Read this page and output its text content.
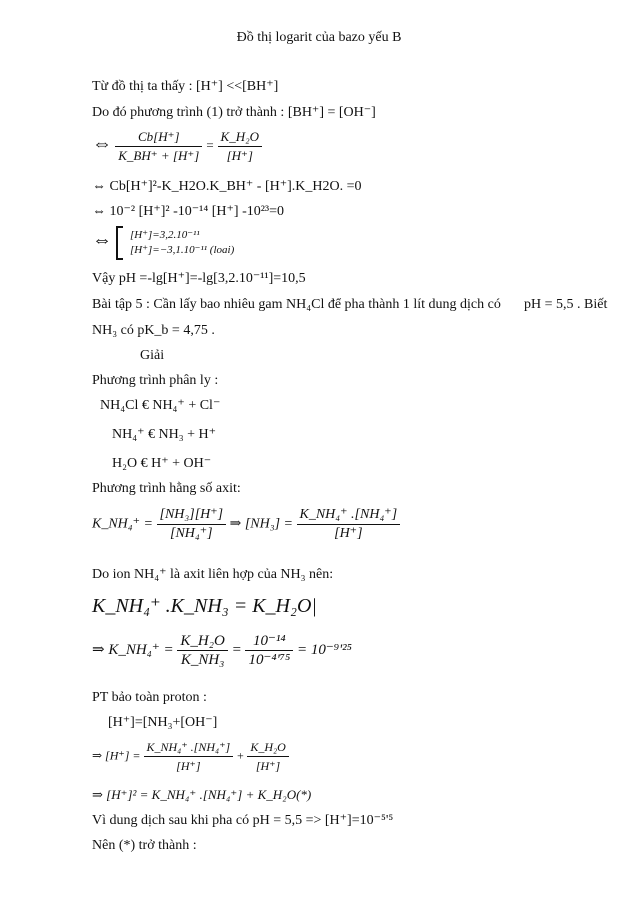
Đồ thị logarit của bazo yếu B
Từ đồ thị ta thấy : [H⁺] <<[BH⁺]
Do đó phương trình (1) trở thành : [BH⁺] = [OH⁻]
⇔ $\frac{Cb[H^+]}{K\_BH^+ + [H^+]} = \frac{\text{K\_H₂O}}{[H^+]}$
⇔ Cb[H⁺]²-K_H2O.K_BH⁺ - [H⁺].K_H2O. =0
⇔ 10⁻² [H⁺]² -10⁻¹⁴ [H⁺] -10²³=0
⇔ [H⁺]=3,2.10⁻¹¹
[H⁺]=−3,1.10⁻¹¹ (loai)
Vậy pH =-lg[H⁺]=-lg[3,2.10⁻¹¹]=10,5
Bài tập 5 : Cần lấy bao nhiêu gam NH₄Cl để pha thành 1 lít dung dịch có pH = 5,5 . Biết
NH₃ có pK_b = 4,75 .
Giải
Phương trình phân ly :
NH₄Cl € NH₄⁺ + Cl⁻
NH₄⁺ € NH₃ + H⁺
H₂O € H⁺ + OH⁻
Phương trình hằng số axit:
K_NH₄⁺ = $\frac{\text{[NH₃][H⁺]}}{\text{[NH₄⁺]}}$ ⇒ $[NH_3] = \frac{\text{K\_NH₄⁺ .[NH₄⁺]}}{[H^+]}$
Do ion NH₄⁺ là axit liên hợp của NH₃ nên:
K_NH₄⁺ .K_NH₃ = K_H₂O|
⇒ K_NH₄⁺ = $\frac{\text{K\_H₂O}}{\text{K\_NH₃}} = \frac{\text{10⁻¹⁴}}{\text{10⁻⁴'⁷⁵}} = 10^{-9}'^{25}$
PT bảo toàn proton :
[H⁺]=[NH₃+[OH⁻]
⇒ $[H^+] = \frac{\text{K\_NH₄⁺ .[NH₄⁺]}}{[H^+]} + \frac{\text{K\_H₂O}}{[H^+]}$
⇒ [H⁺]² = K_NH₄⁺ .[NH₄⁺] + K_H₂O(*)
Vì dung dịch sau khi pha có pH = 5,5 => [H⁺]=10⁻⁵'⁵
Nên (*) trở thành :
